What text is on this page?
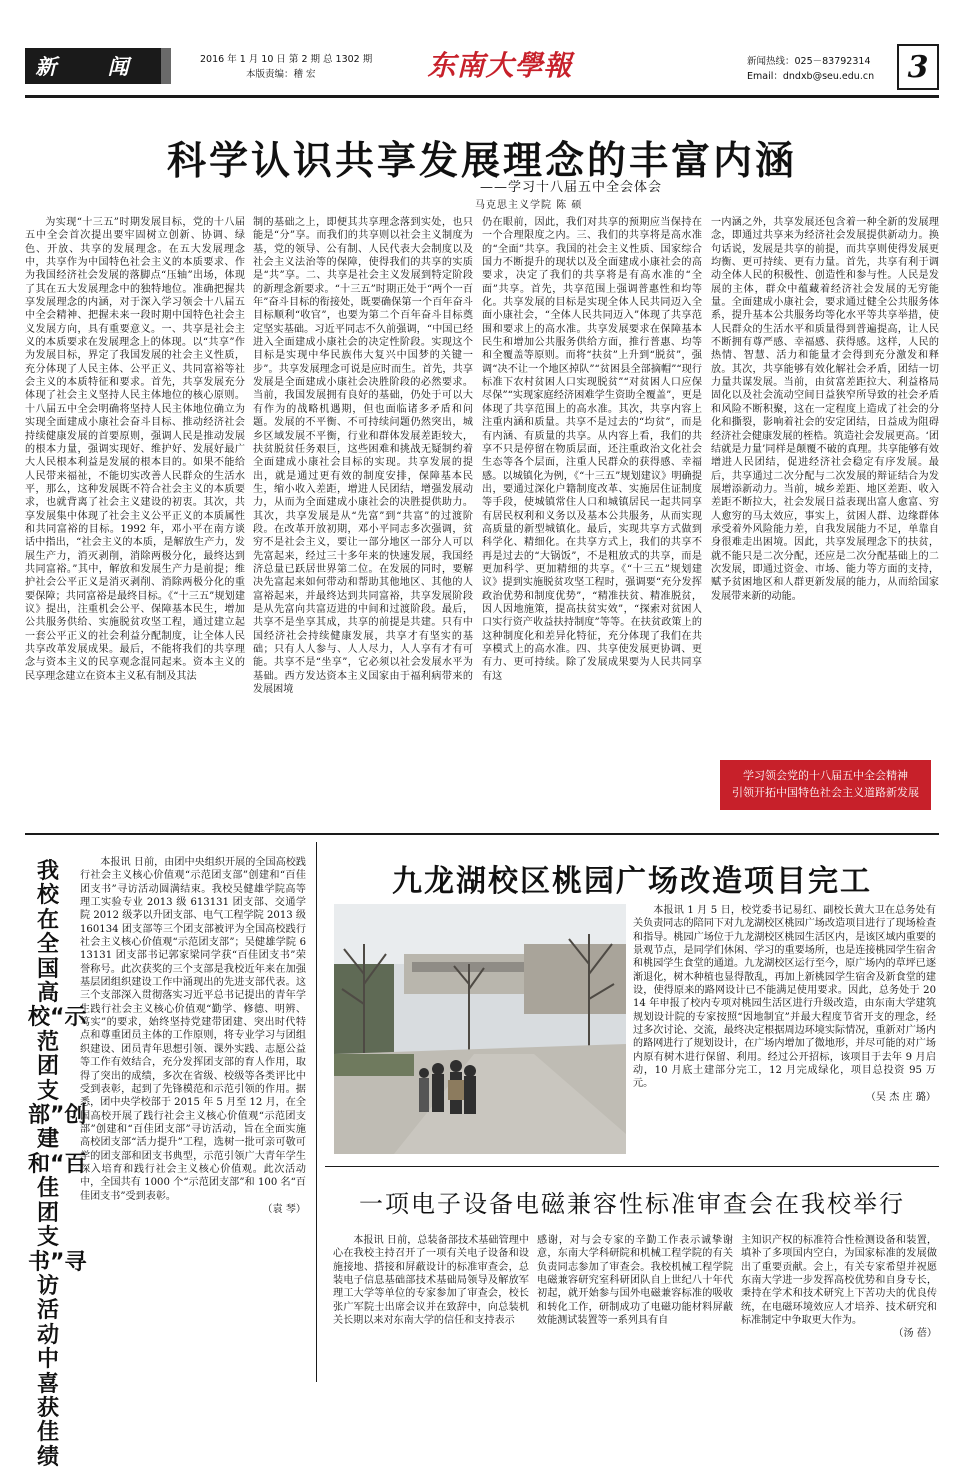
新 闻	2016 年 1 月 10 日 第 2 期 总 1302 期
本版责编：稽 宏	东南大學報	新闻热线：025－83792314
Email：dndxb@seu.edu.cn	3
科学认识共享发展理念的丰富内涵
——学习十八届五中全会体会
马克思主义学院 陈 硕

为实现“十三五”时期发展目标，党的十八届五中全会首次提出要牢固树立创新、协调、绿色、开放、共享的发展理念。在五大发展理念中，共享作为中国特色社会主义的本质要求、作为我国经济社会发展的落脚点“压轴”出场，体现了其在五大发展理念中的独特地位。准确把握共享发展理念的内涵，对于深入学习领会十八届五中全会精神、把握未来一段时期中国特色社会主义发展方向，具有重要意义。一、共享是社会主义的本质要求在发展理念上的体现。以“共享”作为发展目标，界定了我国发展的社会主义性质，充分体现了人民主体、公平正义、共同富裕等社会主义的本质特征和要求。首先，共享发展充分体现了社会主义坚持人民主体地位的核心原则。十八届五中全会明确将坚持人民主体地位确立为实现全面建成小康社会奋斗目标、推动经济社会持续健康发展的首要原则，强调人民是推动发展的根本力量，强调实现好、维护好、发展好最广大人民根本利益是发展的根本目的。如果不能给人民带来福祉，不能切实改善人民群众的生活水平，那么，这种发展既不符合社会主义的本质要求，也就背离了社会主义建设的初衷。其次，共享发展集中体现了社会主义公平正义的本质属性和共同富裕的目标。1992 年，邓小平在南方谈话中指出，“社会主义的本质，是解放生产力，发展生产力，消灭剥削，消除两极分化，最终达到共同富裕。”其中，解放和发展生产力是前提；维护社会公平正义是消灭剥削、消除两极分化的重要保障；共同富裕是最终目标。《“十三五”规划建议》提出，注重机会公平、保障基本民生，增加公共服务供给、实施脱贫攻坚工程，通过建立起一套公平正义的社会利益分配制度，让全体人民共享改革发展成果。最后，不能将我们的共享理念与资本主义的民享观念混同起来。资本主义的民享理念建立在资本主义私有制及其法

制的基础之上，即便其共享理念落到实处，也只能是“分”享。而我们的共享则以社会主义制度为基，党的领导、公有制、人民代表大会制度以及社会主义法治等的保障，使得我们的共享的实质是“共”享。二、共享是社会主义发展到特定阶段的新理念新要求。“十三五”时期正处于“两个一百年”奋斗目标的衔接处，既要确保第一个百年奋斗目标顺利“收官”，也要为第二个百年奋斗目标奠定坚实基础。习近平同志不久前强调，“中国已经进入全面建成小康社会的决定性阶段。实现这个目标是实现中华民族伟大复兴中国梦的关键一步”。共享发展理念可说是应时而生。首先，共享发展是全面建成小康社会决胜阶段的必然要求。当前，我国发展拥有良好的基础，仍处于可以大有作为的战略机遇期，但也面临诸多矛盾和问题。发展的不平衡、不可持续问题仍然突出，城乡区域发展不平衡，行业和群体发展差距较大，扶贫脱贫任务艰巨，这些困难和挑战无疑制约着全面建成小康社会目标的实现。共享发展的提出，就是通过更有效的制度安排，保障基本民生，缩小收入差距，增进人民团结，增强发展动力，从而为全面建成小康社会的决胜提供助力。其次，共享发展是从“先富”到“共富”的过渡阶段。在改革开放初期，邓小平同志多次强调，贫穷不是社会主义，要让一部分地区一部分人可以先富起来，经过三十多年来的快速发展，我国经济总量已跃居世界第二位。在发展的同时，要解决先富起来如何带动和帮助其他地区、其他的人富裕起来，并最终达到共同富裕，共享发展阶段是从先富向共富迈进的中间和过渡阶段。最后，共享不是坐享其成，共享的前提是共建。只有中国经济社会持续健康发展，共享才有坚实的基础；只有人人参与、人人尽力，人人享有才有可能。共享不是“坐享”，它必须以社会发展水平为基础。西方发达资本主义国家由于福利病带来的发展困境

仍在眼前，因此，我们对共享的预期应当保持在一个合理限度之内。三、我们的共享将是高水准的“全面”共享。我国的社会主义性质、国家综合国力不断提升的现状以及全面建成小康社会的高要求，决定了我们的共享将是有高水准的“全面”共享。首先，共享范围上强调普惠性和均等化。共享发展的目标是实现全体人民共同迈入全面小康社会，“全体人民共同迈入”体现了共享范围和要求上的高水准。共享发展要求在保障基本民生和增加公共服务供给方面，推行普惠、均等和全覆盖等原则。而将“扶贫”上升到“脱贫”，强调“决不让一个地区掉队”“贫困县全部摘帽”“现行标准下农村贫困人口实现脱贫”“对贫困人口应保尽保”“实现家庭经济困难学生资助全覆盖”，更是体现了共享范围上的高水准。其次，共享内容上注重内涵和质量。共享不是过去的“均贫”，而是有内涵、有质量的共享。从内容上看，我们的共享不只是停留在物质层面，还注重政治文化社会生态等各个层面，注重人民群众的获得感、幸福感。以城镇化为例，《“十三五”规划建议》明确提出，要通过深化户籍制度改革、实施居住证制度等手段，使城镇常住人口和城镇居民一起共同享有居民权利和义务以及基本公共服务，从而实现高质量的新型城镇化。最后，实现共享方式做到科学化、精细化。在共享方式上，我们的共享不再是过去的“大锅饭”，不是粗放式的共享，而是更加科学、更加精细的共享。《“十三五”规划建议》提到实施脱贫攻坚工程时，强调要“充分发挥政治优势和制度优势”，“精准扶贫、精准脱贫，因人因地施策，提高扶贫实效”，“探索对贫困人口实行资产收益扶持制度”等等。在扶贫政策上的这种制度化和差异化特征，充分体现了我们在共享模式上的高水准。四、共享使发展更协调、更有力、更可持续。除了发展成果要为人民共同享有这

一内涵之外，共享发展还包含着一种全新的发展理念，即通过共享来为经济社会发展提供新动力。换句话说，发展是共享的前提，而共享则使得发展更均衡、更可持续、更有力量。首先，共享有利于调动全体人民的积极性、创造性和参与性。人民是发展的主体，群众中蕴藏着经济社会发展的无穷能量。全面建成小康社会，要求通过健全公共服务体系，提升基本公共服务均等化水平等共享举措，使人民群众的生活水平和质量得到普遍提高，让人民不断拥有尊严感、幸福感、获得感。这样，人民的热情、智慧、活力和能量才会得到充分激发和释放。其次，共享能够有效化解社会矛盾，团结一切力量共谋发展。当前，由贫富差距拉大、利益格局固化以及社会流动空间日益狭窄所导致的社会矛盾和风险不断积聚，这在一定程度上造成了社会的分化和撕裂，影响着社会的安定团结，日益成为阻碍经济社会健康发展的桎梏。筑造社会发展更高。‘团结就是力量’同样是颠覆不破的真理。共享能够有效增进人民团结，促进经济社会稳定有序发展。最后，共享通过二次分配与二次发展的辩证结合为发展增添新动力。当前，城乡差距、地区差距、收入差距不断拉大，社会发展日益表现出富人愈富、穷人愈穷的马太效应，事实上，贫困人群、边缘群体承受着外风险能力差，自我发展能力不足，单靠自身很难走出困境。因此，共享发展理念下的扶贫，就不能只是二次分配，还应是二次分配基础上的二次发展，即通过资金、市场、能力等方面的支持，赋予贫困地区和人群更新发展的能力，从而给国家发展带来新的动能。

学习领会党的十八届五中全会精神
引领开拓中国特色社会主义道路新发展
我校在全国高校“示范团支部”创建和“百佳团支书”寻访活动中喜获佳绩

本报讯 日前，由团中央组织开展的全国高校践行社会主义核心价值观“示范团支部”创建和“百佳团支书”寻访活动圆满结束。我校吴健雄学院高等理工实验专业 2013 级 613131 团支部、交通学院 2012 级茅以升团支部、电气工程学院 2013 级 160134 团支部等三个团支部被评为全国高校践行社会主义核心价值观“示范团支部”；吴健雄学院 613131 团支部书记郭家梁同学获“百佳团支书”荣誉称号。此次获奖的三个支部是我校近年来在加强基层团组织建设工作中涌现出的先进支部代表。这三个支部深入贯彻落实习近平总书记提出的青年学生践行社会主义核心价值观“勤学、修德、明辨、笃实”的要求，始终坚持党建带团建、突出时代特点和尊重团员主体的工作原则，将专业学习与团组织建设、团员青年思想引领、课外实践、志愿公益等工作有效结合，充分发挥团支部的育人作用，取得了突出的成绩，多次在省级、校级等各类评比中受到表彰，起到了先锋模范和示范引领的作用。据悉，团中央学校部于 2015 年 5 月至 12 月，在全国高校开展了践行社会主义核心价值观“示范团支部”创建和“百佳团支部”寻访活动，旨在全面实施高校团支部“活力提升”工程，选树一批可亲可敬可学的团支部和团支书典型，示范引领广大青年学生深入培育和践行社会主义核心价值观。此次活动中，全国共有 1000 个“示范团支部”和 100 名“百佳团支书”受到表彰。

（袁 琴）
九龙湖校区桃园广场改造项目完工

本报讯 1 月 5 日，校党委书记易红、副校长黄大卫在总务处有关负责同志的陪同下对九龙湖校区桃园广场改造项目进行了现场检查和指导。桃园广场位于九龙湖校区桃园生活区内，是该区域内重要的景观节点，是同学们休闲、学习的重要场所，也是连接桃园学生宿舍和桃园学生食堂的通道。九龙湖校区运行至今，原广场内的草坪已逐渐退化，树木种植也显得散乱，再加上新桃园学生宿舍及新食堂的建设，使得原来的路网设计已不能满足使用要求。因此，总务处于 2014 年申报了校内专项对桃园生活区进行升级改造，由东南大学建筑规划设计院的专家按照“因地制宜”并最大程度节省开支的理念，经过多次讨论、交流，最终决定根据周边环境实际情况，重新对广场内的路网进行了规划设计，在广场内增加了微地形，并尽可能的对广场内原有树木进行保留、利用。经过公开招标，该项目于去年 9 月启动，10 月底土建部分完工，12 月完成绿化，项目总投资 95 万元。

（吴 杰 庄 璐）
一项电子设备电磁兼容性标准审查会在我校举行

本报讯 日前，总装备部技术基础管理中心在我校主持召开了一项有关电子设备和设施接地、搭接和屏蔽设计的标准审查会，总装电子信息基础部技术基础局领导及解放军理工大学等单位的专家参加了审查会，校长张广军院士出席会议并在致辞中，向总装机关长期以来对东南大学的信任和支持表示

感谢，对与会专家的辛勤工作表示诚挚谢意，东南大学科研院和机械工程学院的有关负责同志参加了审查会。我校机械工程学院电磁兼容研究室科研团队自上世纪八十年代初起，就开始参与国外电磁兼容标准的吸收和转化工作，研制成功了电磁功能材料屏蔽效能测试装置等一系列具有自

主知识产权的标准符合性检测设备和装置，填补了多项国内空白，为国家标准的发展做出了重要贡献。会上，有关专家希望并祝愿东南大学进一步发挥高校优势和自身专长，秉持在学术和技术研究上下苦功夫的优良传统，在电磁环境效应人才培养、技术研究和标准制定中争取更大作为。

（汤 蓓）
